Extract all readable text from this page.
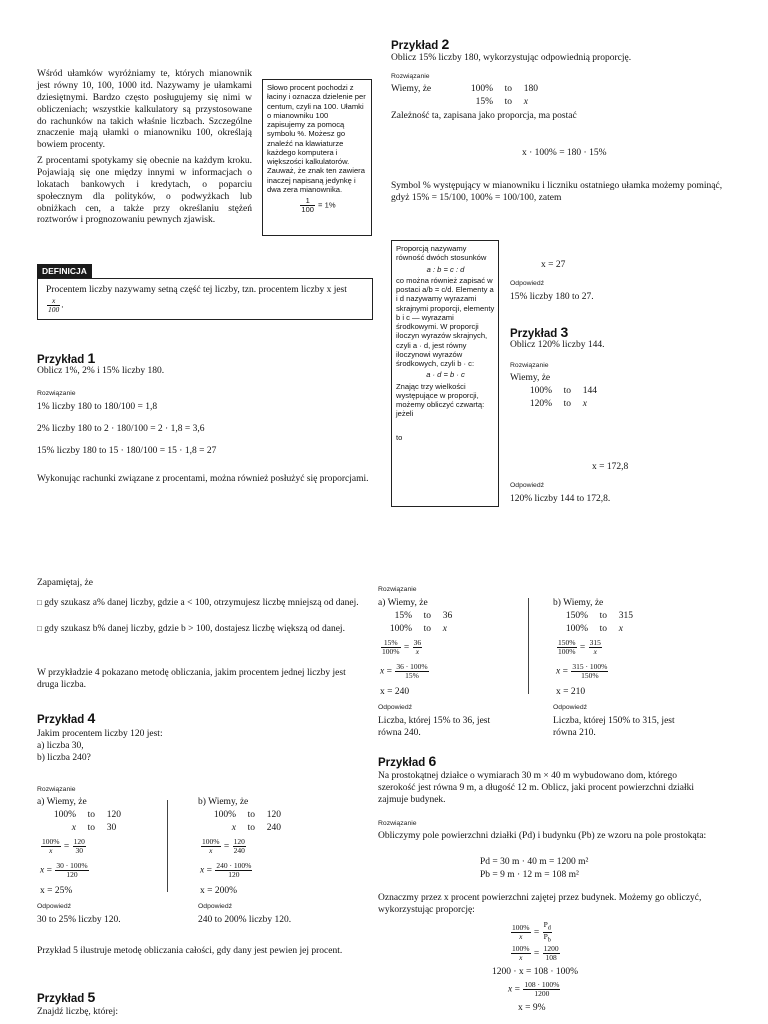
Wśród ułamków wyróżniamy te, których mianownik jest równy 10, 100, 1000 itd. Nazywamy je ułamkami dziesiętnymi. Bardzo często posługujemy się nimi w obliczeniach; wszystkie kalkulatory są przystosowane do rachunków na takich właśnie liczbach. Szczególne znaczenie mają ułamki o mianowniku 100, określają bowiem procenty.
Z procentami spotykamy się obecnie na każdym kroku. Pojawiają się one między innymi w informacjach o lokatach bankowych i kredytach, o poparciu społecznym dla polityków, o podwyżkach lub obniżkach cen, a także przy określaniu stężeń roztworów i prognozowaniu pewnych zjawisk.
Słowo procent pochodzi z łaciny i oznacza dzielenie per centum, czyli na 100. Ułamki o mianowniku 100 zapisujemy za pomocą symbolu %. Możesz go znaleźć na klawiaturze każdego komputera i większości kalkulatorów. Zauważ, że znak ten zawiera inaczej napisaną jedynkę i dwa zera mianownika.
$\frac{1}{100} = 1\%$
DEFINICJA
Procentem liczby nazywamy setną część tej liczby, tzn. procentem liczby x jest
$\frac{x}{100}$ .
Przykład 1
Oblicz 1%, 2% i 15% liczby 180.
Rozwiązanie
1% liczby 180 to 180/100 = 1,8
2% liczby 180 to 2 · 180/100 = 2 · 1,8 = 3,6
15% liczby 180 to 15 · 180/100 = 15 · 1,8 = 27
Wykonując rachunki związane z procentami, można również posłużyć się proporcjami.
Przykład 2
Oblicz 15% liczby 180, wykorzystując odpowiednią proporcję.
Rozwiązanie
Wiemy, że	100% to 180
15% to x
Zależność ta, zapisana jako proporcja, ma postać
x · 100% = 180 · 15%
Symbol % występujący w mianowniku i liczniku ostatniego ułamka możemy pominąć, gdyż 15% = 15/100, 100% = 100/100, zatem
x = 27
Odpowiedź
15% liczby 180 to 27.
Proporcją nazywamy równość dwóch stosunków
a : b = c : d
co można również zapisać w postaci a/b = c/d. Elementy a i d nazywamy wyrazami skrajnymi proporcji, elementy b i c — wyrazami środkowymi. W proporcji iloczyn wyrazów skrajnych, czyli a · d, jest równy iloczynowi wyrazów środkowych, czyli b · c:
a · d = b · c
Znając trzy wielkości występujące w proporcji, możemy obliczyć czwartą: jeżeli
to
Przykład 3
Oblicz 120% liczby 144.
Rozwiązanie
Wiemy, że
100% to 144
120% to x
x = 172,8
Odpowiedź
120% liczby 144 to 172,8.
Zapamiętaj, że
□ gdy szukasz a% danej liczby, gdzie a < 100, otrzymujesz liczbę mniejszą od danej.
□ gdy szukasz b% danej liczby, gdzie b > 100, dostajesz liczbę większą od danej.
W przykładzie 4 pokazano metodę obliczania, jakim procentem jednej liczby jest druga liczba.
Przykład 4
Jakim procentem liczby 120 jest:
a) liczba 30,
b) liczba 240?
Rozwiązanie
a) Wiemy, że
100% to 120
x to 30
$\frac{100\%}{x} = \frac{120}{30}$
$x = \frac{30 \cdot 100\%}{120}$
x = 25%
b) Wiemy, że
100% to 120
x to 240
$\frac{100\%}{x} = \frac{120}{240}$
$x = \frac{240 \cdot 100\%}{120}$
x = 200%
Odpowiedź
30 to 25% liczby 120.
Odpowiedź
240 to 200% liczby 120.
Przykład 5 ilustruje metodę obliczania całości, gdy dany jest pewien jej procent.
Przykład 5
Znajdź liczbę, której:
Rozwiązanie
a) Wiemy, że
15% to 36
100% to x
$\frac{15\%}{100\%} = \frac{36}{x}$
$x = \frac{36 \cdot 100\%}{15\%}$
x = 240
Odpowiedź
Liczba, której 15% to 36, jest równa 240.
b) Wiemy, że
150% to 315
100% to x
$\frac{150\%}{100\%} = \frac{315}{x}$
$x = \frac{315 \cdot 100\%}{150\%}$
x = 210
Odpowiedź
Liczba, której 150% to 315, jest równa 210.
Przykład 6
Na prostokątnej działce o wymiarach 30 m × 40 m wybudowano dom, którego szerokość jest równa 9 m, a długość 12 m. Oblicz, jaki procent powierzchni działki zajmuje budynek.
Rozwiązanie
Obliczymy pole powierzchni działki (Pd) i budynku (Pb) ze wzoru na pole prostokąta:
Pd = 30 m · 40 m = 1200 m²
Pb = 9 m · 12 m = 108 m²
Oznaczmy przez x procent powierzchni zajętej przez budynek. Możemy go obliczyć, wykorzystując proporcję:
$\frac{100\%}{x} = \frac{P_d}{P_b}$
$\frac{100\%}{x} = \frac{1200}{108}$
1200 · x = 108 · 100%
$x = \frac{108 \cdot 100\%}{1200}$
x = 9%
